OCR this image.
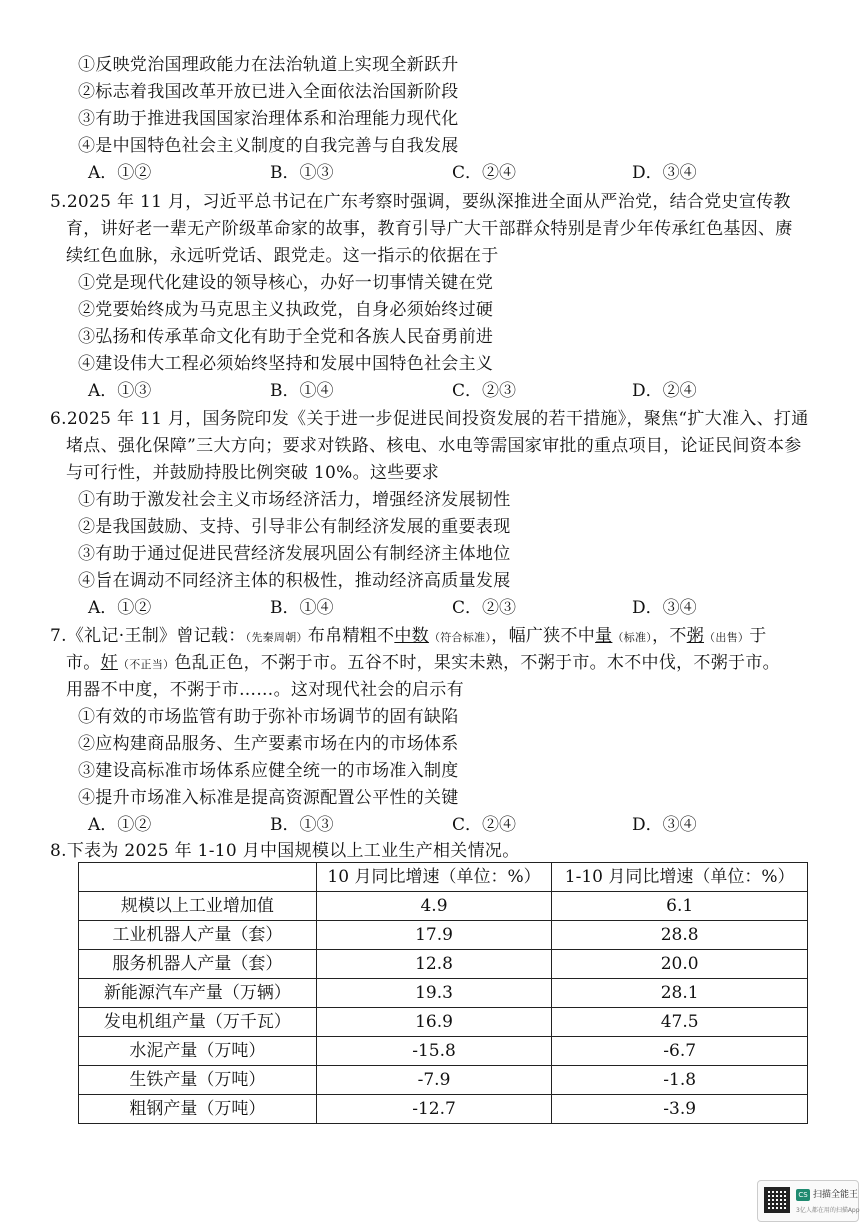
①反映党治国理政能力在法治轨道上实现全新跃升
②标志着我国改革开放已进入全面依法治国新阶段
③有助于推进我国国家治理体系和治理能力现代化
④是中国特色社会主义制度的自我完善与自我发展
A．①②	B．①③	C．②④	D．③④
5.2025 年 11 月，习近平总书记在广东考察时强调，要纵深推进全面从严治党，结合党史宣传教
育，讲好老一辈无产阶级革命家的故事，教育引导广大干部群众特别是青少年传承红色基因、赓
续红色血脉，永远听党话、跟党走。这一指示的依据在于
①党是现代化建设的领导核心，办好一切事情关键在党
②党要始终成为马克思主义执政党，自身必须始终过硬
③弘扬和传承革命文化有助于全党和各族人民奋勇前进
④建设伟大工程必须始终坚持和发展中国特色社会主义
A．①③	B．①④	C．②③	D．②④
6.2025 年 11 月，国务院印发《关于进一步促进民间投资发展的若干措施》，聚焦“扩大准入、打通
堵点、强化保障”三大方向；要求对铁路、核电、水电等需国家审批的重点项目，论证民间资本参
与可行性，并鼓励持股比例突破 10%。这些要求
①有助于激发社会主义市场经济活力，增强经济发展韧性
②是我国鼓励、支持、引导非公有制经济发展的重要表现
③有助于通过促进民营经济发展巩固公有制经济主体地位
④旨在调动不同经济主体的积极性，推动经济高质量发展
A．①②	B．①④	C．②③	D．③④
7.《礼记·王制》曾记载：（先秦周朝）布帛精粗不中数（符合标准），幅广狭不中量（标准），不粥（出售）于
市。奸（不正当）色乱正色，不粥于市。五谷不时，果实未熟，不粥于市。木不中伐，不粥于市。
用器不中度，不粥于市……。这对现代社会的启示有
①有效的市场监管有助于弥补市场调节的固有缺陷
②应构建商品服务、生产要素市场在内的市场体系
③建设高标准市场体系应健全统一的市场准入制度
④提升市场准入标准是提高资源配置公平性的关键
A．①②	B．①③	C．②④	D．③④
8.下表为 2025 年 1-10 月中国规模以上工业生产相关情况。
	10 月同比增速（单位：%）	1-10 月同比增速（单位：%）
规模以上工业增加值	4.9	6.1
工业机器人产量（套）	17.9	28.8
服务机器人产量（套）	12.8	20.0
新能源汽车产量（万辆）	19.3	28.1
发电机组产量（万千瓦）	16.9	47.5
水泥产量（万吨）	-15.8	-6.7
生铁产量（万吨）	-7.9	-1.8
粗钢产量（万吨）	-12.7	-3.9
CS 扫描全能王
3亿人都在用的扫描App
